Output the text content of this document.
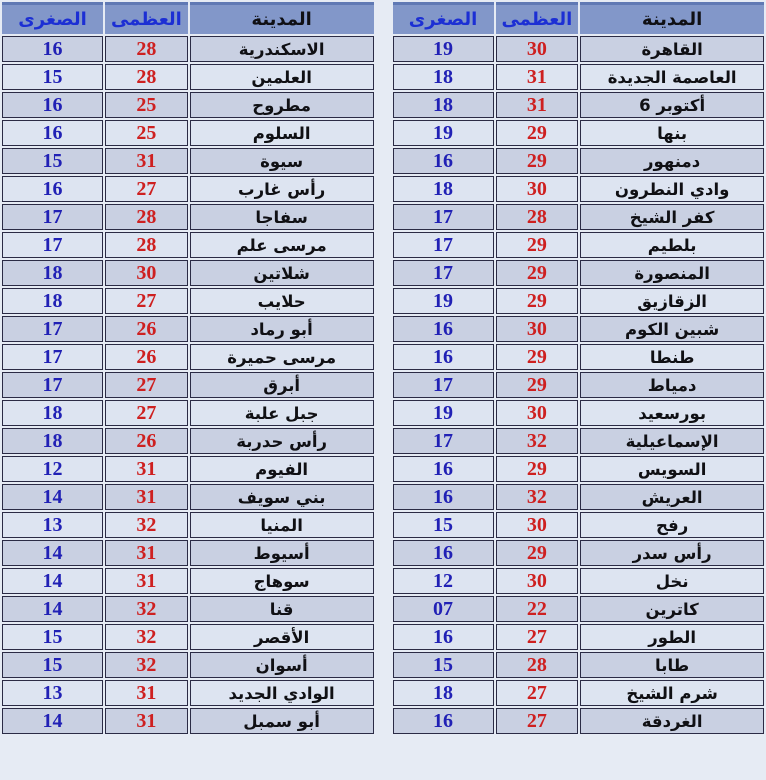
المدينة	العظمى	الصغرى
القاهرة	30	19
العاصمة الجديدة	31	18
أكتوبر 6	31	18
بنها	29	19
دمنهور	29	16
وادي النطرون	30	18
كفر الشيخ	28	17
بلطيم	29	17
المنصورة	29	17
الزقازيق	29	19
شبين الكوم	30	16
طنطا	29	16
دمياط	29	17
بورسعيد	30	19
الإسماعيلية	32	17
السويس	29	16
العريش	32	16
رفح	30	15
رأس سدر	29	16
نخل	30	12
كاترين	22	07
الطور	27	16
طابا	28	15
شرم الشيخ	27	18
الغردقة	27	16
المدينة	العظمى	الصغرى
الاسكندرية	28	16
العلمين	28	15
مطروح	25	16
السلوم	25	16
سيوة	31	15
رأس غارب	27	16
سفاجا	28	17
مرسى علم	28	17
شلاتين	30	18
حلايب	27	18
أبو رماد	26	17
مرسى حميرة	26	17
أبرق	27	17
جبل علبة	27	18
رأس حدربة	26	18
الفيوم	31	12
بني سويف	31	14
المنيا	32	13
أسيوط	31	14
سوهاج	31	14
قنا	32	14
الأقصر	32	15
أسوان	32	15
الوادي الجديد	31	13
أبو سمبل	31	14
